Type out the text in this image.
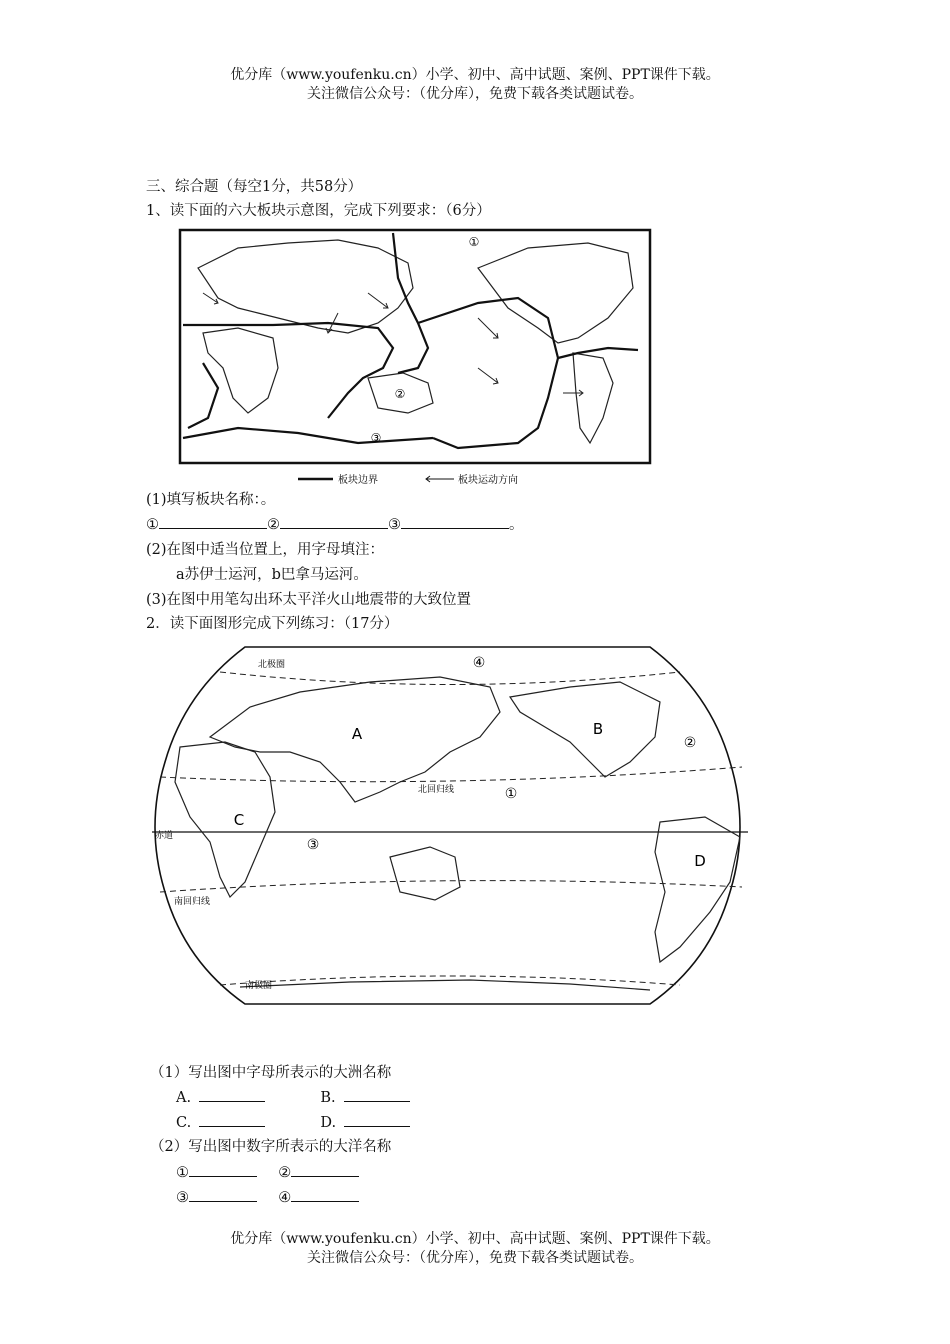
优分库（www.youfenku.cn）小学、初中、高中试题、案例、PPT课件下载。
关注微信公众号：（优分库），免费下载各类试题试卷。
三、综合题（每空1分，共58分）
1、读下面的六大板块示意图，完成下列要求：（6分）
①
②
③
板块边界	板块运动方向
(1)填写板块名称：。
①	②	③	。
(2)在图中适当位置上，用字母填注：
a苏伊士运河，b巴拿马运河。
(3)在图中用笔勾出环太平洋火山地震带的大致位置
2．读下面图形完成下列练习：（17分）
A	B
C
D
①
②
③
④
北极圈
北回归线
赤道
南回归线
南极圈
（1）写出图中字母所表示的大洲名称
A.	B.
C.	D.
（2）写出图中数字所表示的大洋名称
①	②
③	④
优分库（www.youfenku.cn）小学、初中、高中试题、案例、PPT课件下载。
关注微信公众号：（优分库），免费下载各类试题试卷。
